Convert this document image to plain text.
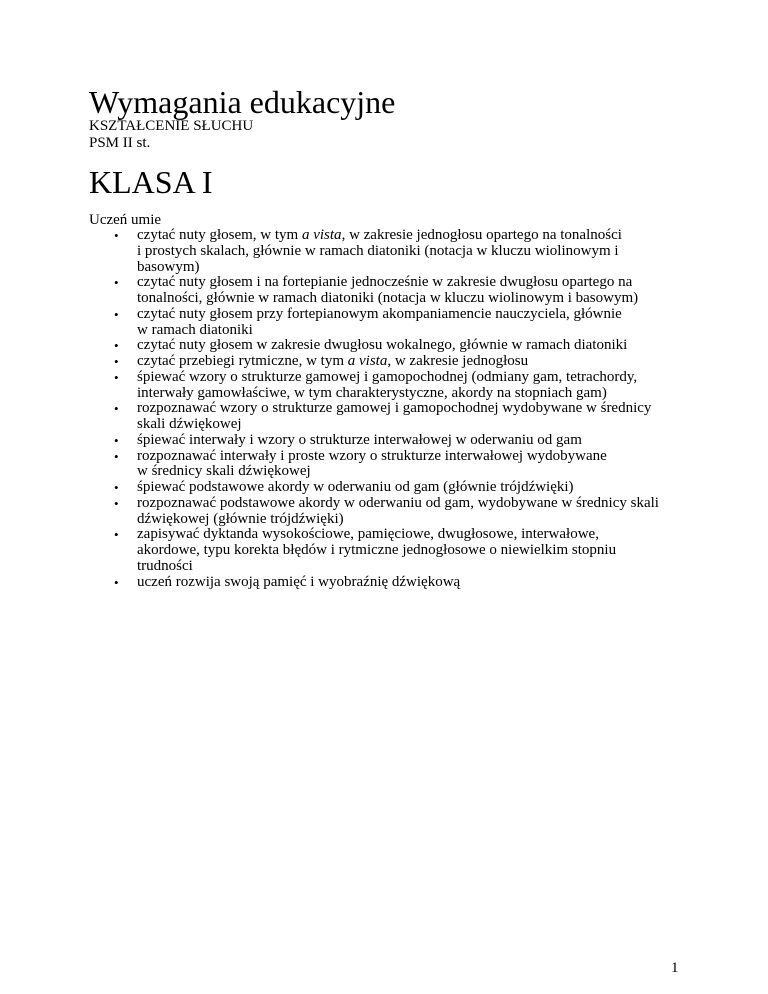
Wymagania edukacyjne

KSZTAŁCENIE SŁUCHU

PSM II st.

KLASA I

Uczeń umie

• czytać nuty głosem, w tym a vista, w zakresie jednogłosu opartego na tonalności
i prostych skalach, głównie w ramach diatoniki (notacja w kluczu wiolinowym i
basowym)
• czytać nuty głosem i na fortepianie jednocześnie w zakresie dwugłosu opartego na
tonalności, głównie w ramach diatoniki (notacja w kluczu wiolinowym i basowym)
• czytać nuty głosem przy fortepianowym akompaniamencie nauczyciela, głównie
w ramach diatoniki
• czytać nuty głosem w zakresie dwugłosu wokalnego, głównie w ramach diatoniki
• czytać przebiegi rytmiczne, w tym a vista, w zakresie jednogłosu
• śpiewać wzory o strukturze gamowej i gamopochodnej (odmiany gam, tetrachordy,
interwały gamowłaściwe, w tym charakterystyczne, akordy na stopniach gam)
• rozpoznawać wzory o strukturze gamowej i gamopochodnej wydobywane w średnicy
skali dźwiękowej
• śpiewać interwały i wzory o strukturze interwałowej w oderwaniu od gam
• rozpoznawać interwały i proste wzory o strukturze interwałowej wydobywane
w średnicy skali dźwiękowej
• śpiewać podstawowe akordy w oderwaniu od gam (głównie trójdźwięki)
• rozpoznawać podstawowe akordy w oderwaniu od gam, wydobywane w średnicy skali
dźwiękowej (głównie trójdźwięki)
• zapisywać dyktanda wysokościowe, pamięciowe, dwugłosowe, interwałowe,
akordowe, typu korekta błędów i rytmiczne jednogłosowe o niewielkim stopniu
trudności
• uczeń rozwija swoją pamięć i wyobraźnię dźwiękową

1
